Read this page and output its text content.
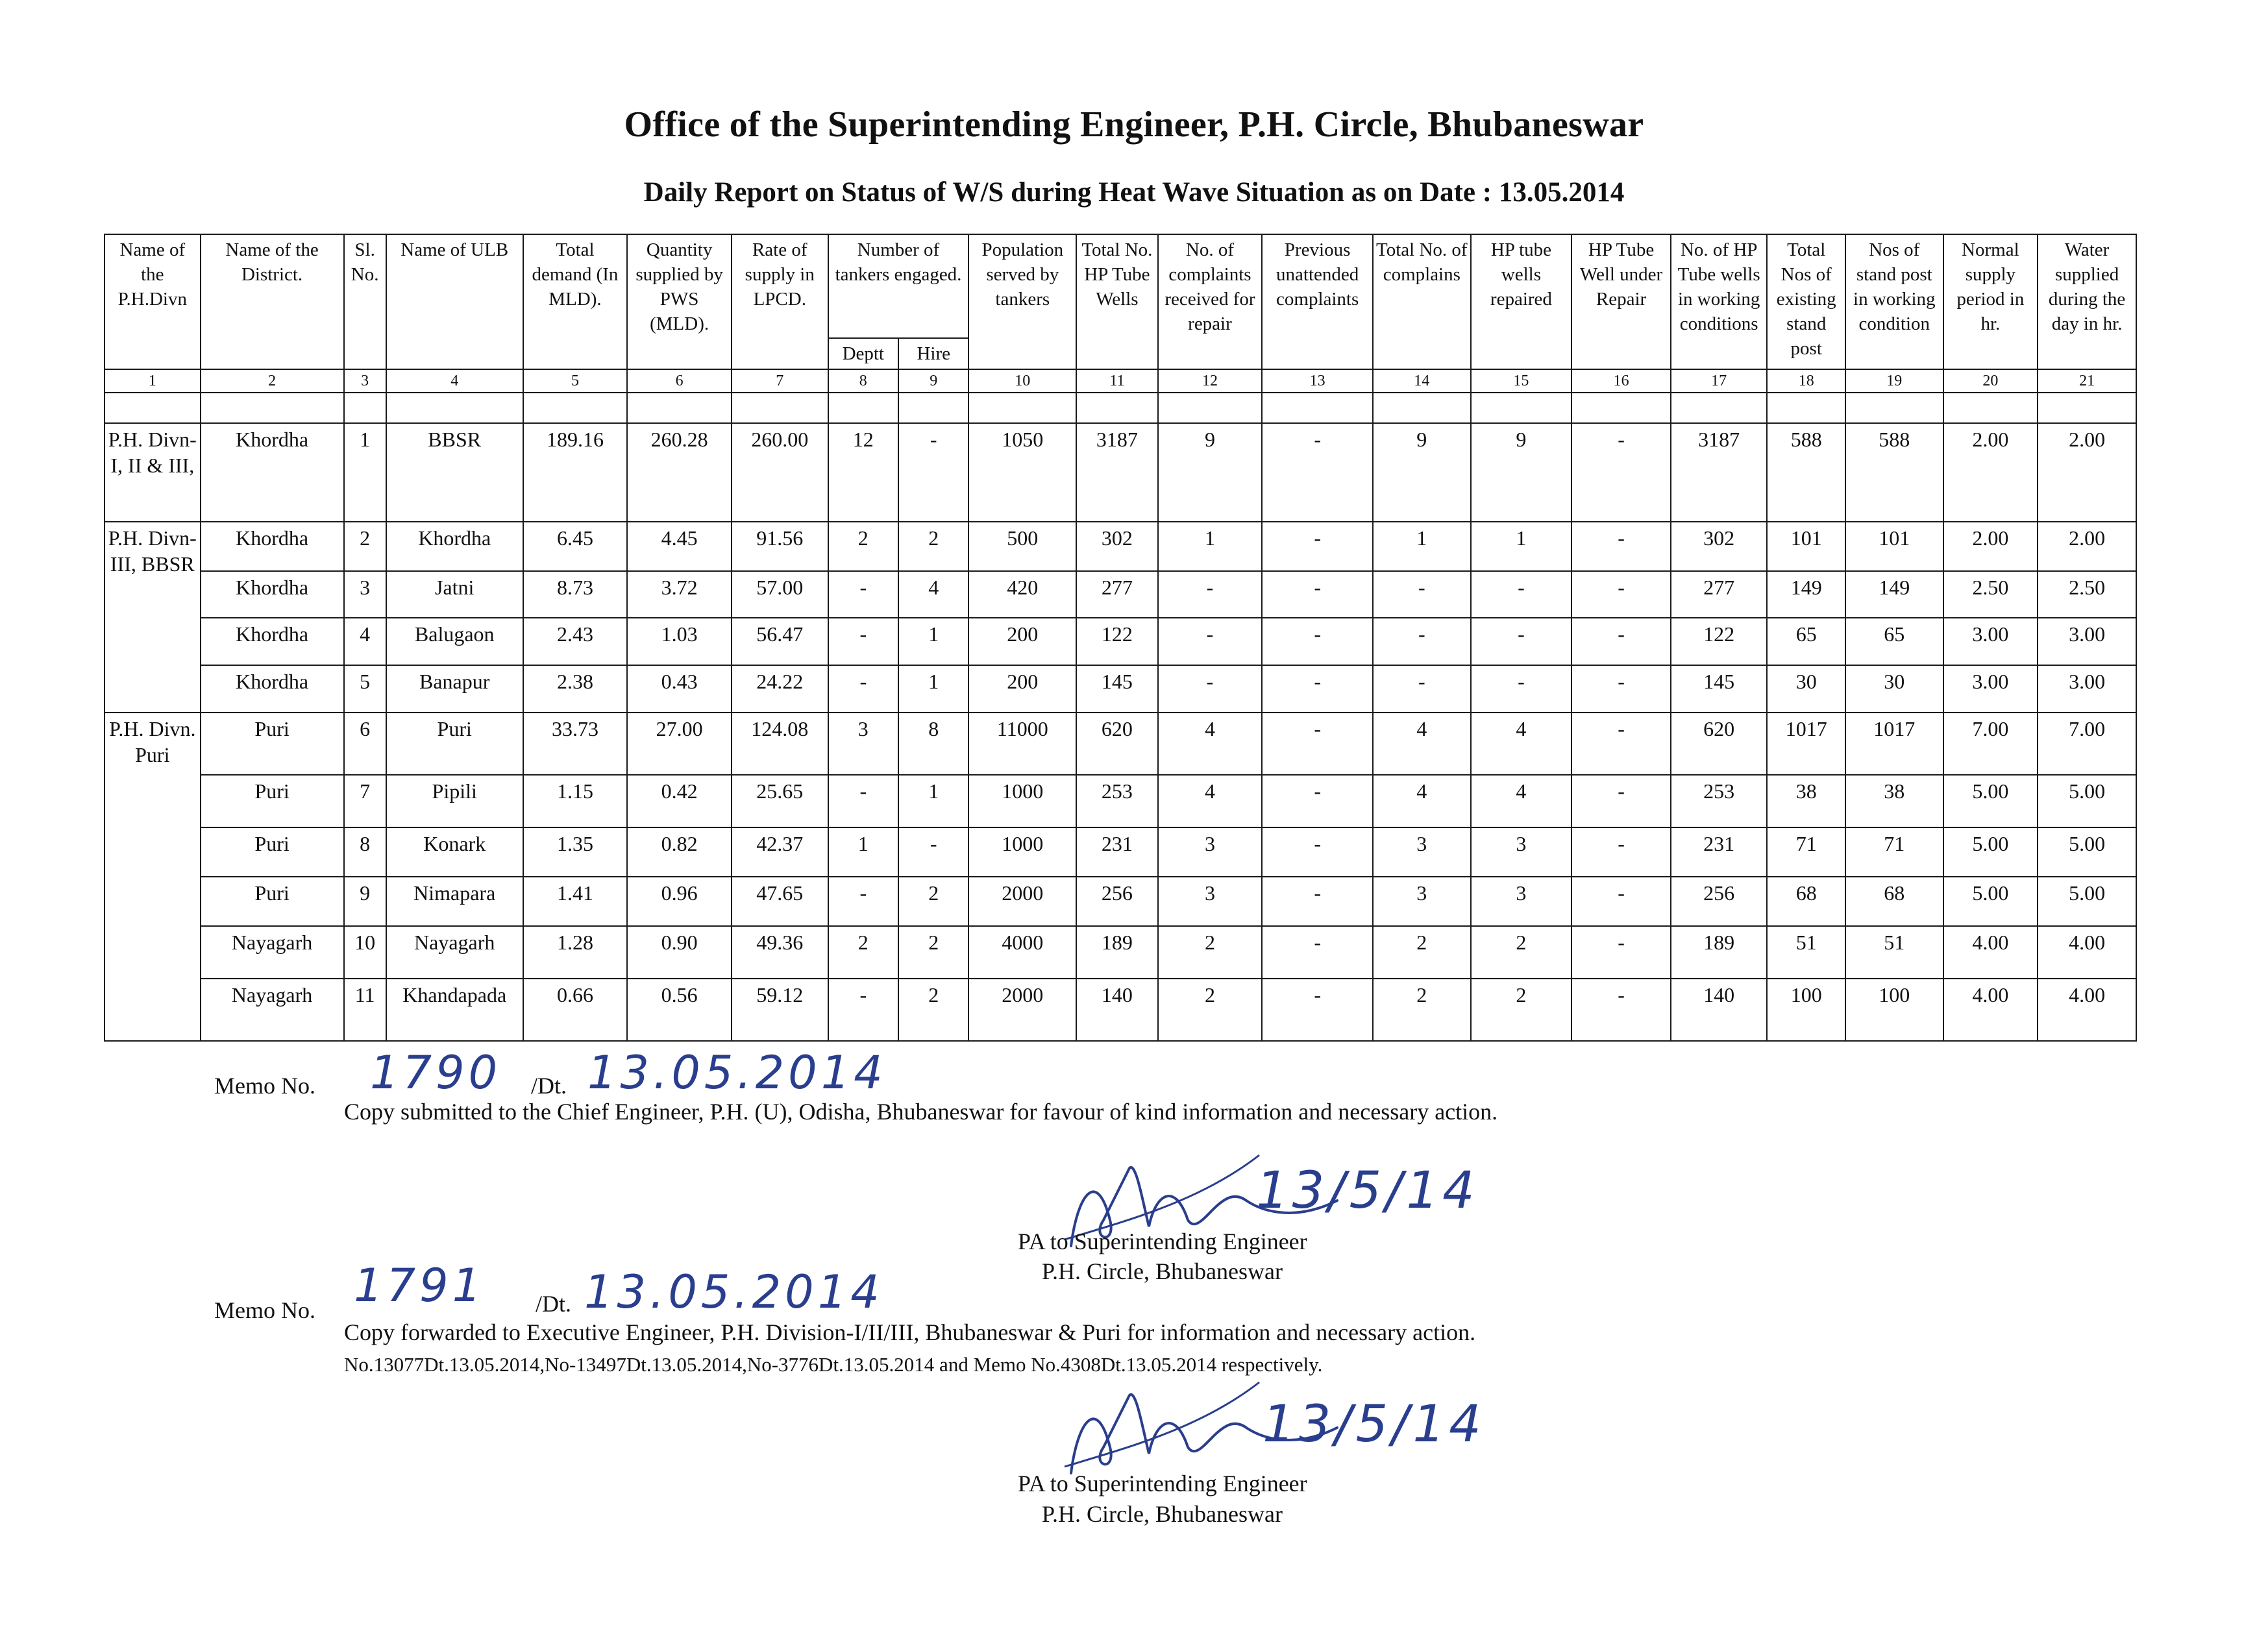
Office of the Superintending Engineer, P.H. Circle, Bhubaneswar
Daily Report on Status of W/S during Heat Wave Situation as on Date : 13.05.2014
Name of the P.H.Divn	Name of the District.	Sl. No.	Name of ULB	Total demand (In MLD).	Quantity supplied by PWS (MLD).	Rate of supply in LPCD.	Number of tankers engaged.		Population served by tankers	Total No. HP Tube Wells	No. of complaints received for repair	Previous unattended complaints	Total No. of complains	HP tube wells repaired	HP Tube Well under Repair	No. of HP Tube wells in working conditions	Total Nos of existing stand post	Nos of stand post in working condition	Normal supply period in hr.	Water supplied during the day in hr.
							Deptt	Hire												
1	2	3	4	5	6	7	8	9	10	11	12	13	14	15	16	17	18	19	20	21

P.H. Divn-I, II & III,	Khordha	1	BBSR	189.16	260.28	260.00	12	-	1050	3187	9	-	9	9	-	3187	588	588	2.00	2.00
P.H. Divn-III, BBSR	Khordha	2	Khordha	6.45	4.45	91.56	2	2	500	302	1	-	1	1	-	302	101	101	2.00	2.00
	Khordha	3	Jatni	8.73	3.72	57.00	-	4	420	277	-	-	-	-	-	277	149	149	2.50	2.50
	Khordha	4	Balugaon	2.43	1.03	56.47	-	1	200	122	-	-	-	-	-	122	65	65	3.00	3.00
	Khordha	5	Banapur	2.38	0.43	24.22	-	1	200	145	-	-	-	-	-	145	30	30	3.00	3.00
P.H. Divn. Puri	Puri	6	Puri	33.73	27.00	124.08	3	8	11000	620	4	-	4	4	-	620	1017	1017	7.00	7.00
	Puri	7	Pipili	1.15	0.42	25.65	-	1	1000	253	4	-	4	4	-	253	38	38	5.00	5.00
	Puri	8	Konark	1.35	0.82	42.37	1	-	1000	231	3	-	3	3	-	231	71	71	5.00	5.00
	Puri	9	Nimapara	1.41	0.96	47.65	-	2	2000	256	3	-	3	3	-	256	68	68	5.00	5.00
	Nayagarh	10	Nayagarh	1.28	0.90	49.36	2	2	4000	189	2	-	2	2	-	189	51	51	4.00	4.00
	Nayagarh	11	Khandapada	0.66	0.56	59.12	-	2	2000	140	2	-	2	2	-	140	100	100	4.00	4.00
Memo No. 1790 /Dt. 13.05.2014
Copy submitted to the Chief Engineer, P.H. (U), Odisha, Bhubaneswar for favour of kind information and necessary action.
13/5/14
PA to Superintending Engineer
P.H. Circle, Bhubaneswar
Memo No. 1791 /Dt. 13.05.2014
Copy forwarded to Executive Engineer, P.H. Division-I/II/III, Bhubaneswar & Puri for information and necessary action.
No.13077Dt.13.05.2014,No-13497Dt.13.05.2014,No-3776Dt.13.05.2014 and Memo No.4308Dt.13.05.2014 respectively.
13/5/14
PA to Superintending Engineer
P.H. Circle, Bhubaneswar
